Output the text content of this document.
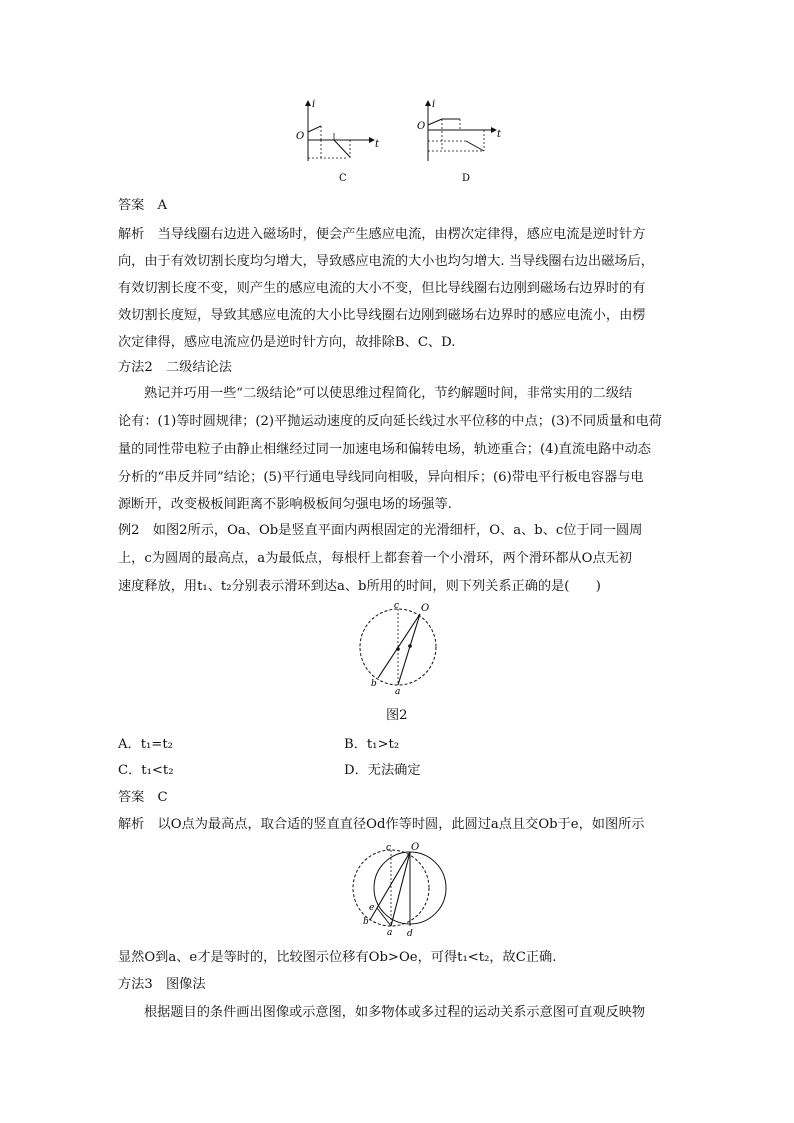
i
t
O
C
i
t
O
D
答案　A
解析　当导线圈右边进入磁场时，便会产生感应电流，由楞次定律得，感应电流是逆时针方
向，由于有效切割长度均匀增大，导致感应电流的大小也均匀增大. 当导线圈右边出磁场后，
有效切割长度不变，则产生的感应电流的大小不变，但比导线圈右边刚到磁场右边界时的有
效切割长度短，导致其感应电流的大小比导线圈右边刚到磁场右边界时的感应电流小，由楞
次定律得，感应电流应仍是逆时针方向，故排除B、C、D.
方法2　二级结论法
熟记并巧用一些“二级结论”可以使思维过程简化，节约解题时间，非常实用的二级结
论有：(1)等时圆规律；(2)平抛运动速度的反向延长线过水平位移的中点；(3)不同质量和电荷
量的同性带电粒子由静止相继经过同一加速电场和偏转电场，轨迹重合；(4)直流电路中动态
分析的“串反并同”结论；(5)平行通电导线同向相吸，异向相斥；(6)带电平行板电容器与电
源断开，改变极板间距离不影响极板间匀强电场的场强等.
例2　如图2所示，Oa、Ob是竖直平面内两根固定的光滑细杆，O、a、b、c位于同一圆周
上，c为圆周的最高点，a为最低点，每根杆上都套着一个小滑环，两个滑环都从O点无初
速度释放，用t₁、t₂分别表示滑环到达a、b所用的时间，则下列关系正确的是(　　)
c O
b
a
图2
A．t₁=t₂	B．t₁>t₂
C．t₁<t₂	D．无法确定
答案　C
解析　以O点为最高点，取合适的竖直直径Od作等时圆，此圆过a点且交Ob于e，如图所示
c O
e
b
a d
显然O到a、e才是等时的，比较图示位移有Ob>Oe，可得t₁<t₂，故C正确.
方法3　图像法
根据题目的条件画出图像或示意图，如多物体或多过程的运动关系示意图可直观反映物
